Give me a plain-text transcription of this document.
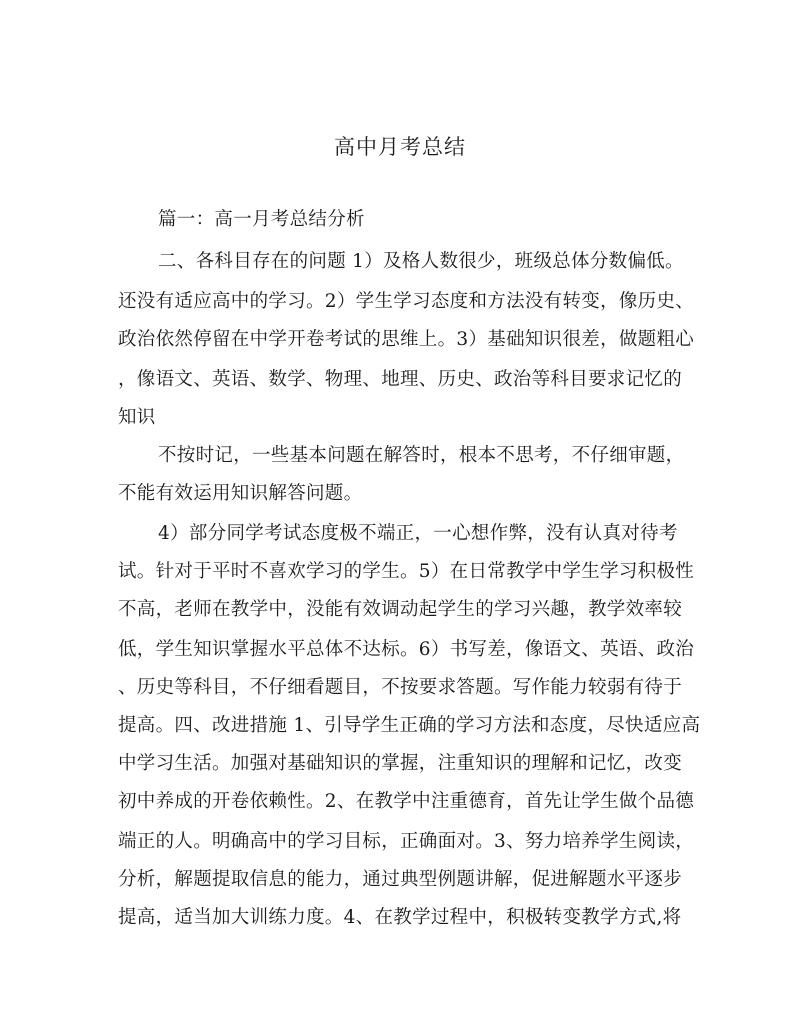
高中月考总结
篇一：高一月考总结分析
二、各科目存在的问题 1）及格人数很少，班级总体分数偏低。
还没有适应高中的学习。2）学生学习态度和方法没有转变，像历史、
政治依然停留在中学开卷考试的思维上。3）基础知识很差，做题粗心
，像语文、英语、数学、物理、地理、历史、政治等科目要求记忆的
知识
不按时记，一些基本问题在解答时，根本不思考，不仔细审题，
不能有效运用知识解答问题。
4）部分同学考试态度极不端正，一心想作弊，没有认真对待考
试。针对于平时不喜欢学习的学生。5）在日常教学中学生学习积极性
不高，老师在教学中，没能有效调动起学生的学习兴趣，教学效率较
低，学生知识掌握水平总体不达标。6）书写差，像语文、英语、政治
、历史等科目，不仔细看题目，不按要求答题。写作能力较弱有待于
提高。四、改进措施 1、引导学生正确的学习方法和态度，尽快适应高
中学习生活。加强对基础知识的掌握，注重知识的理解和记忆，改变
初中养成的开卷依赖性。2、在教学中注重德育，首先让学生做个品德
端正的人。明确高中的学习目标，正确面对。3、努力培养学生阅读，
分析，解题提取信息的能力，通过典型例题讲解，促进解题水平逐步
提高，适当加大训练力度。4、在教学过程中，积极转变教学方式,将
